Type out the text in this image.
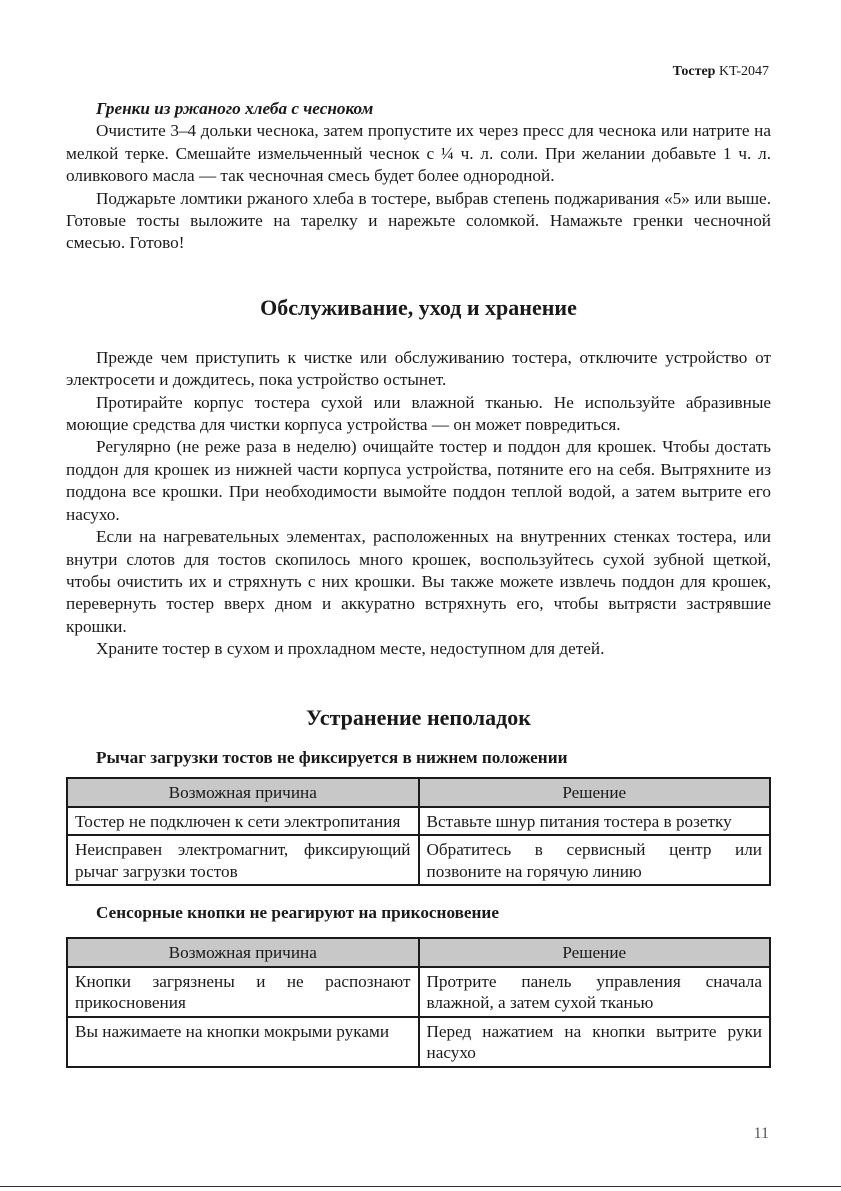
Тостер KT-2047
Гренки из ржаного хлеба с чесноком

Очистите 3–4 дольки чеснока, затем пропустите их через пресс для чеснока или натрите на мелкой терке. Смешайте измельченный чеснок с ¼ ч. л. соли. При желании добавьте 1 ч. л. оливкового масла — так чесночная смесь будет более однородной.

Поджарьте ломтики ржаного хлеба в тостере, выбрав степень поджаривания «5» или выше. Готовые тосты выложите на тарелку и нарежьте соломкой. Намажьте гренки чесночной смесью. Готово!

Обслуживание, уход и хранение

Прежде чем приступить к чистке или обслуживанию тостера, отключите устройство от электросети и дождитесь, пока устройство остынет.

Протирайте корпус тостера сухой или влажной тканью. Не используйте абразивные моющие средства для чистки корпуса устройства — он может повредиться.

Регулярно (не реже раза в неделю) очищайте тостер и поддон для крошек. Чтобы достать поддон для крошек из нижней части корпуса устройства, потяните его на себя. Вытряхните из поддона все крошки. При необходимости вымойте поддон теплой водой, а затем вытрите его насухо.

Если на нагревательных элементах, расположенных на внутренних стенках тостера, или внутри слотов для тостов скопилось много крошек, воспользуйтесь сухой зубной щеткой, чтобы очистить их и стряхнуть с них крошки. Вы также можете извлечь поддон для крошек, перевернуть тостер вверх дном и аккуратно встряхнуть его, чтобы вытрясти застрявшие крошки.

Храните тостер в сухом и прохладном месте, недоступном для детей.

Устранение неполадок
Рычаг загрузки тостов не фиксируется в нижнем положении
Возможная причина	Решение
Тостер не подключен к сети электропитания	Вставьте шнур питания тостера в розетку
Неисправен электромагнит, фиксирующий рычаг загрузки тостов	Обратитесь в сервисный центр или позвоните на горячую линию
Сенсорные кнопки не реагируют на прикосновение
Возможная причина	Решение
Кнопки загрязнены и не распознают прикосновения	Протрите панель управления сначала влажной, а затем сухой тканью
Вы нажимаете на кнопки мокрыми руками	Перед нажатием на кнопки вытрите руки насухо
11
